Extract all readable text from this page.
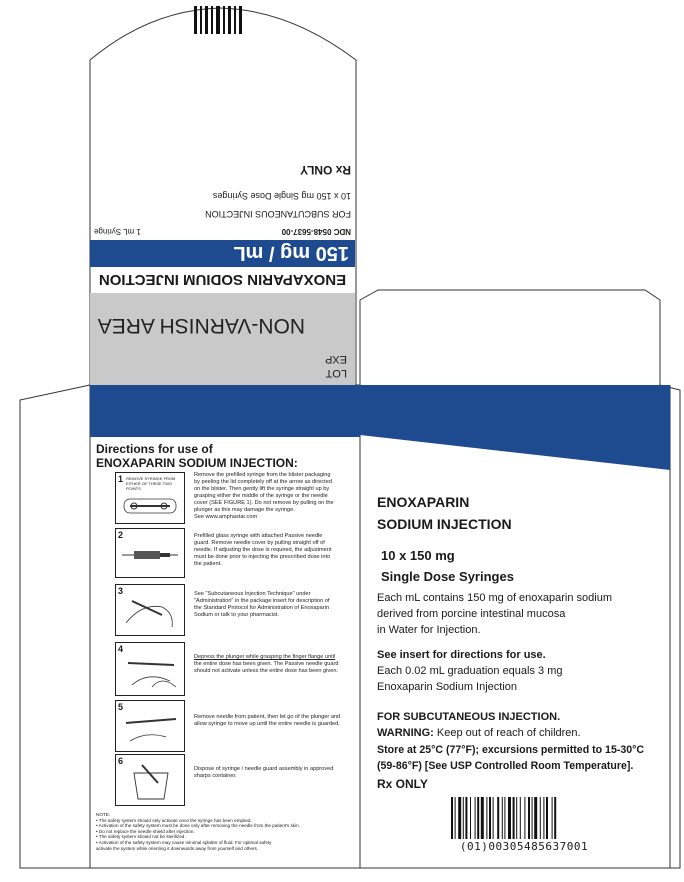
LOT
EXP
NON-VARNISH AREA
ENOXAPARIN SODIUM INJECTION
150 mg / mL
NDC 0548-5637-00
1 mL Syringe
FOR SUBCUTANEOUS INJECTION
10 x 150 mg Single Dose Syringes
Rx ONLY
Directions for use of
ENOXAPARIN SODIUM INJECTION:
1 REMOVE SYRINGE FROM EITHER OF THESE TWO POINTS
2
3
4
5
6
Remove the prefilled syringe from the blister packaging
by peeling the lid completely off at the arrow as directed
on the blister. Then gently lift the syringe straight up by
grasping either the middle of the syringe or the needle
cover (SEE FIGURE 1). Do not remove by pulling on the
plunger as this may damage the syringe.
See www.amphastar.com
Prefilled glass syringe with attached Passive needle
guard. Remove needle cover by pulling straight off of
needle. If adjusting the dose is required, the adjustment
must be done prior to injecting the prescribed dose into
the patient.
See "Subcutaneous Injection Technique" under
"Administration" in the package insert for description of
the Standard Protocol for Administration of Enoxaparin
Sodium or talk to your pharmacist.
Depress the plunger while grasping the finger flange until
the entire dose has been given. The Passive needle guard
should not activate unless the entire dose has been given.
Remove needle from patient, then let go of the plunger and
allow syringe to move up until the entire needle is guarded.
Dispose of syringe / needle guard assembly in approved
sharps container.
NOTE:
• The safety system should only activate once the syringe has been emptied.
• Activation of the safety system must be done only after removing the needle from the patient's skin.
• Do not replace the needle shield after injection.
• The safety system should not be sterilized.
• Activation of the safety system may cause minimal splatter of fluid. For optimal safety
activate the system while orienting it downwards away from yourself and others.
ENOXAPARIN
SODIUM INJECTION
10 x 150 mg
Single Dose Syringes
Each mL contains 150 mg of enoxaparin sodium
derived from porcine intestinal mucosa
in Water for Injection.
See insert for directions for use.
Each 0.02 mL graduation equals 3 mg
Enoxaparin Sodium Injection
FOR SUBCUTANEOUS INJECTION.
WARNING: Keep out of reach of children.
Store at 25°C (77°F); excursions permitted to 15-30°C
(59-86°F) [See USP Controlled Room Temperature].
Rx ONLY
(01)00305485637001
